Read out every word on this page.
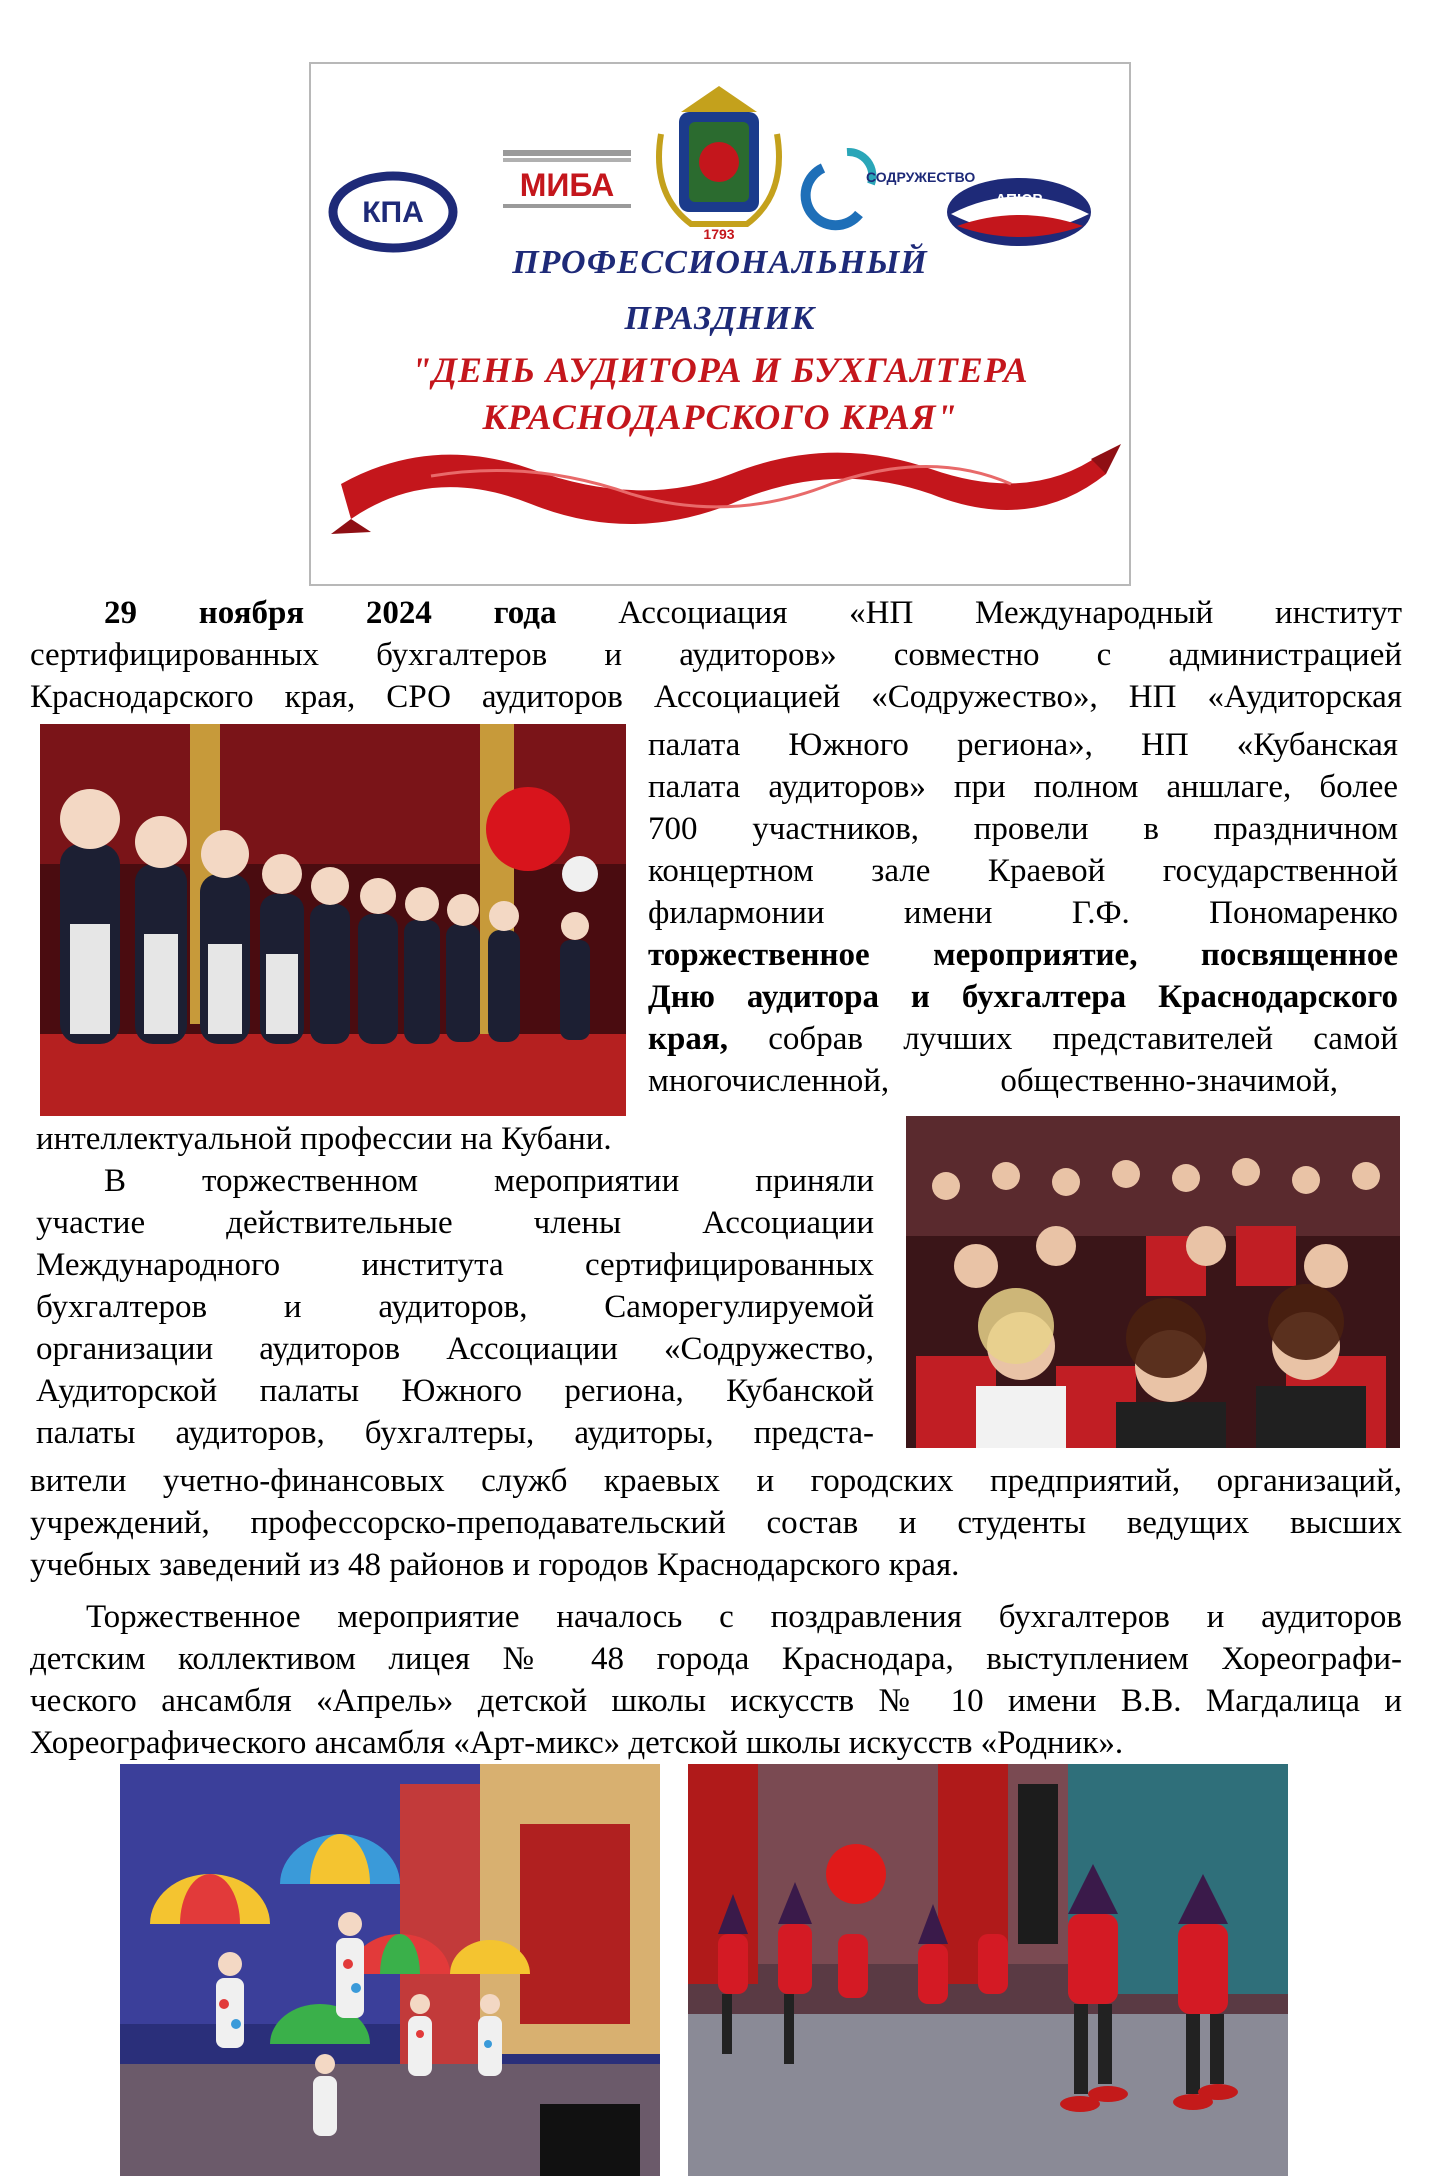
КПА
МИБА
1793
СОДРУЖЕСТВО
АПЮР
ПРОФЕССИОНАЛЬНЫЙ
ПРАЗДНИК
"ДЕНЬ АУДИТОРА И БУХГАЛТЕРА
КРАСНОДАРСКОГО КРАЯ"

29 ноября 2024 года Ассоциация «НП Международный институт

сертифицированных бухгалтеров и аудиторов» совместно с администрацией

Краснодарского края, СРО аудиторов Ассоциацией «Содружество», НП «Аудиторская

палата Южного региона», НП «Кубанская

палата аудиторов» при полном аншлаге, более

700 участников, провели в праздничном

концертном зале Краевой государственной

филармонии имени Г.Ф. Пономаренко

торжественное мероприятие, посвященное

Дню аудитора и бухгалтера Краснодарского

края, собрав лучших представителей самой

многочисленной, общественно-значимой,

интеллектуальной профессии на Кубани.

В торжественном мероприятии приняли

участие действительные члены Ассоциации

Международного института сертифицированных

бухгалтеров и аудиторов, Саморегулируемой

организации аудиторов Ассоциации «Содружество,

Аудиторской палаты Южного региона, Кубанской

палаты аудиторов, бухгалтеры, аудиторы, предста-

вители учетно-финансовых служб краевых и городских предприятий, организаций,

учреждений, профессорско-преподавательский состав и студенты ведущих высших

учебных заведений из 48 районов и городов Краснодарского края.

Торжественное мероприятие началось с поздравления бухгалтеров и аудиторов

детским коллективом лицея № 48 города Краснодара, выступлением Хореографи-

ческого ансамбля «Апрель» детской школы искусств № 10 имени В.В. Магдалица и

Хореографического ансамбля «Арт-микс» детской школы искусств «Родник».
